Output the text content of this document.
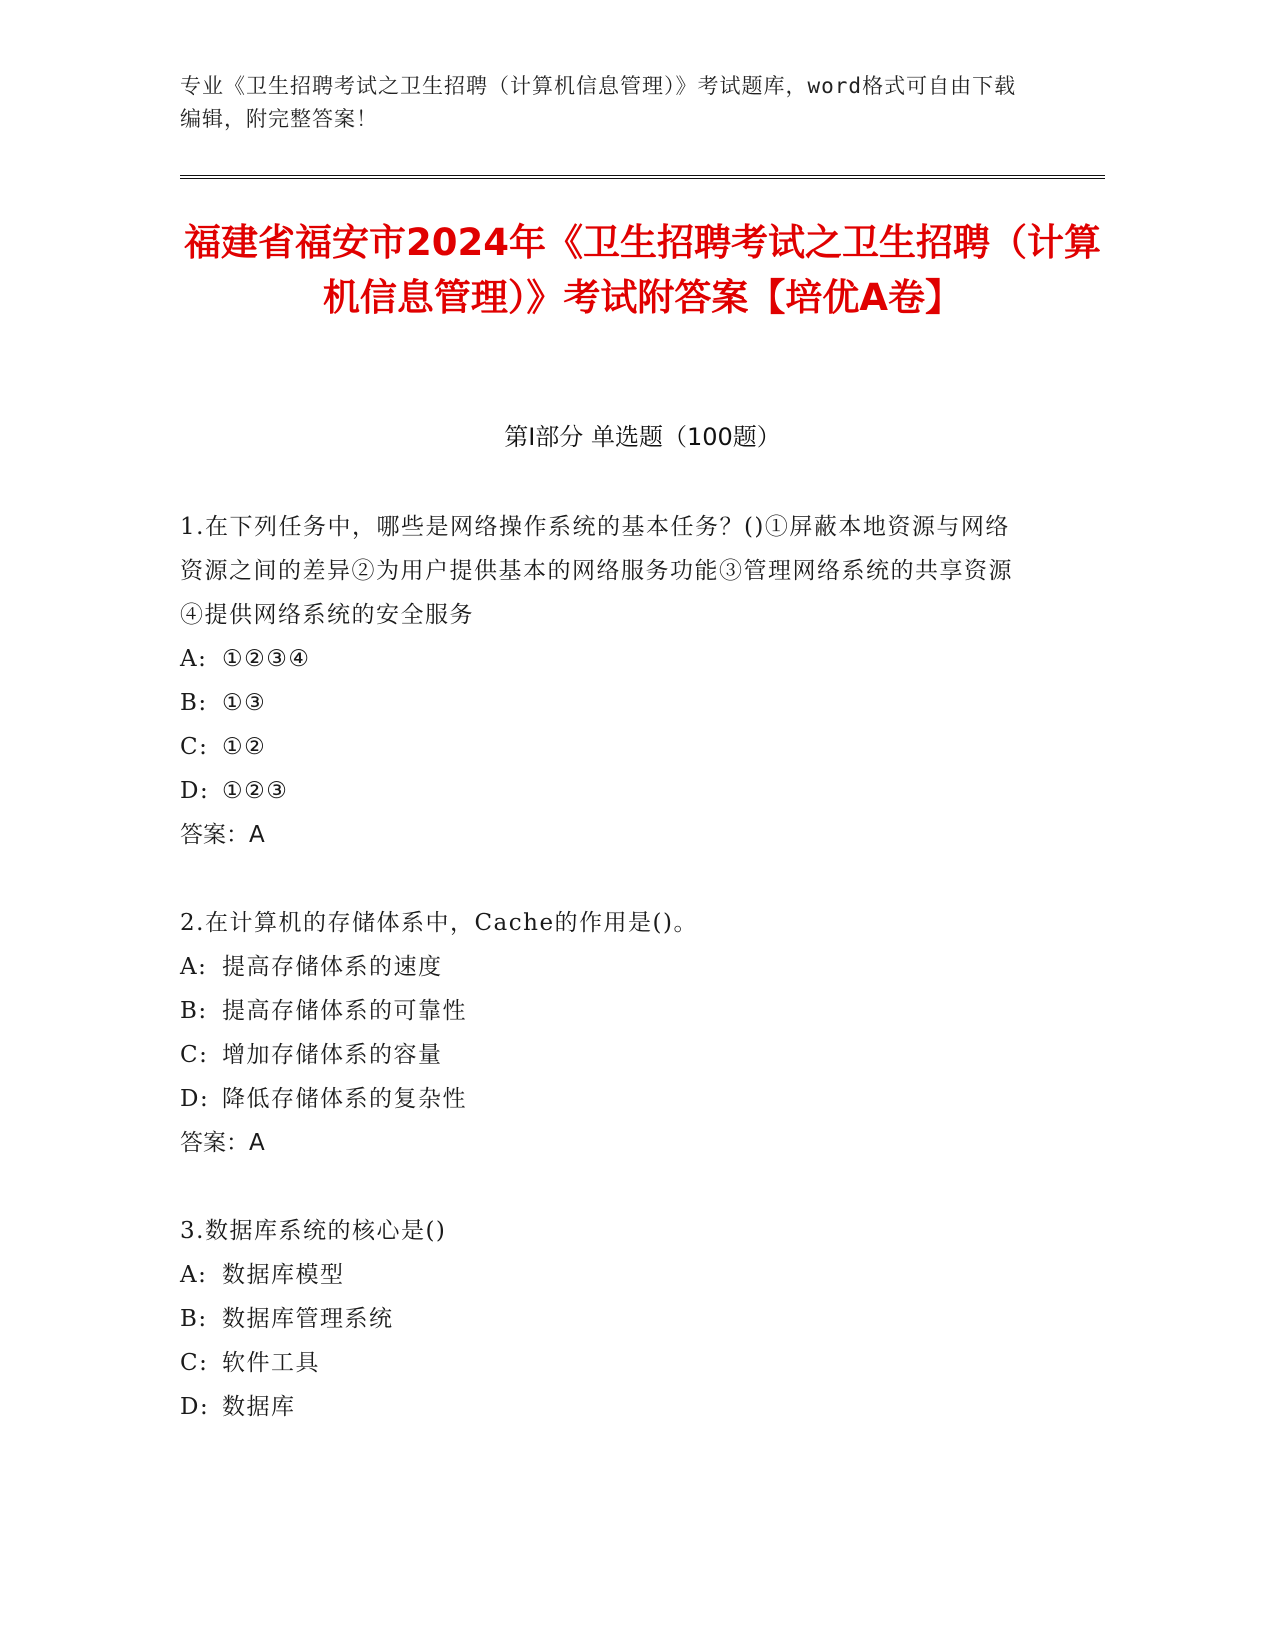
专业《卫生招聘考试之卫生招聘（计算机信息管理）》考试题库，word格式可自由下载编辑，附完整答案！
福建省福安市2024年《卫生招聘考试之卫生招聘（计算机信息管理）》考试附答案【培优A卷】
第Ⅰ部分 单选题（100题）

1.在下列任务中，哪些是网络操作系统的基本任务？()①屏蔽本地资源与网络资源之间的差异②为用户提供基本的网络服务功能③管理网络系统的共享资源④提供网络系统的安全服务

A: ①②③④
B: ①③
C: ①②
D: ①②③
答案：A

2.在计算机的存储体系中，Cache的作用是()。

A: 提高存储体系的速度
B: 提高存储体系的可靠性
C: 增加存储体系的容量
D: 降低存储体系的复杂性
答案：A

3.数据库系统的核心是()

A: 数据库模型
B: 数据库管理系统
C: 软件工具
D: 数据库
